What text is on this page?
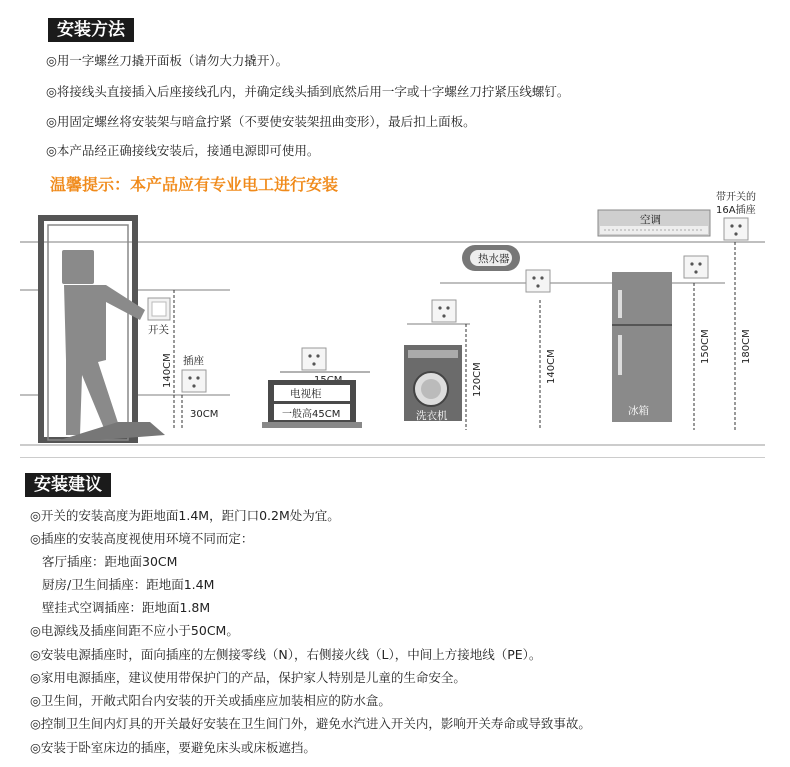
安装方法
◎用一字螺丝刀撬开面板（请勿大力撬开）。
◎将接线头直接插入后座接线孔内，并确定线头插到底然后用一字或十字螺丝刀拧紧压线螺钉。
◎用固定螺丝将安装架与暗盒拧紧（不要使安装架扭曲变形），最后扣上面板。
◎本产品经正确接线安装后，接通电源即可使用。
温馨提示：本产品应有专业电工进行安装
开关
140CM 插座
30CM
电视柜
一般高45CM	洗衣机
120CM
热水器
140CM
冰箱
150CM
空调
带开关的
16A插座
180CM
安装建议
◎开关的安装高度为距地面1.4M，距门口0.2M处为宜。
◎插座的安装高度视使用环境不同而定：
客厅插座：距地面30CM
厨房/卫生间插座：距地面1.4M
壁挂式空调插座：距地面1.8M
◎电源线及插座间距不应小于50CM。
◎安装电源插座时，面向插座的左侧接零线（N），右侧接火线（L），中间上方接地线（PE）。
◎家用电源插座，建议使用带保护门的产品，保护家人特别是儿童的生命安全。
◎卫生间，开敞式阳台内安装的开关或插座应加装相应的防水盒。
◎控制卫生间内灯具的开关最好安装在卫生间门外，避免水汽进入开关内，影响开关寿命或导致事故。
◎安装于卧室床边的插座，要避免床头或床板遮挡。
